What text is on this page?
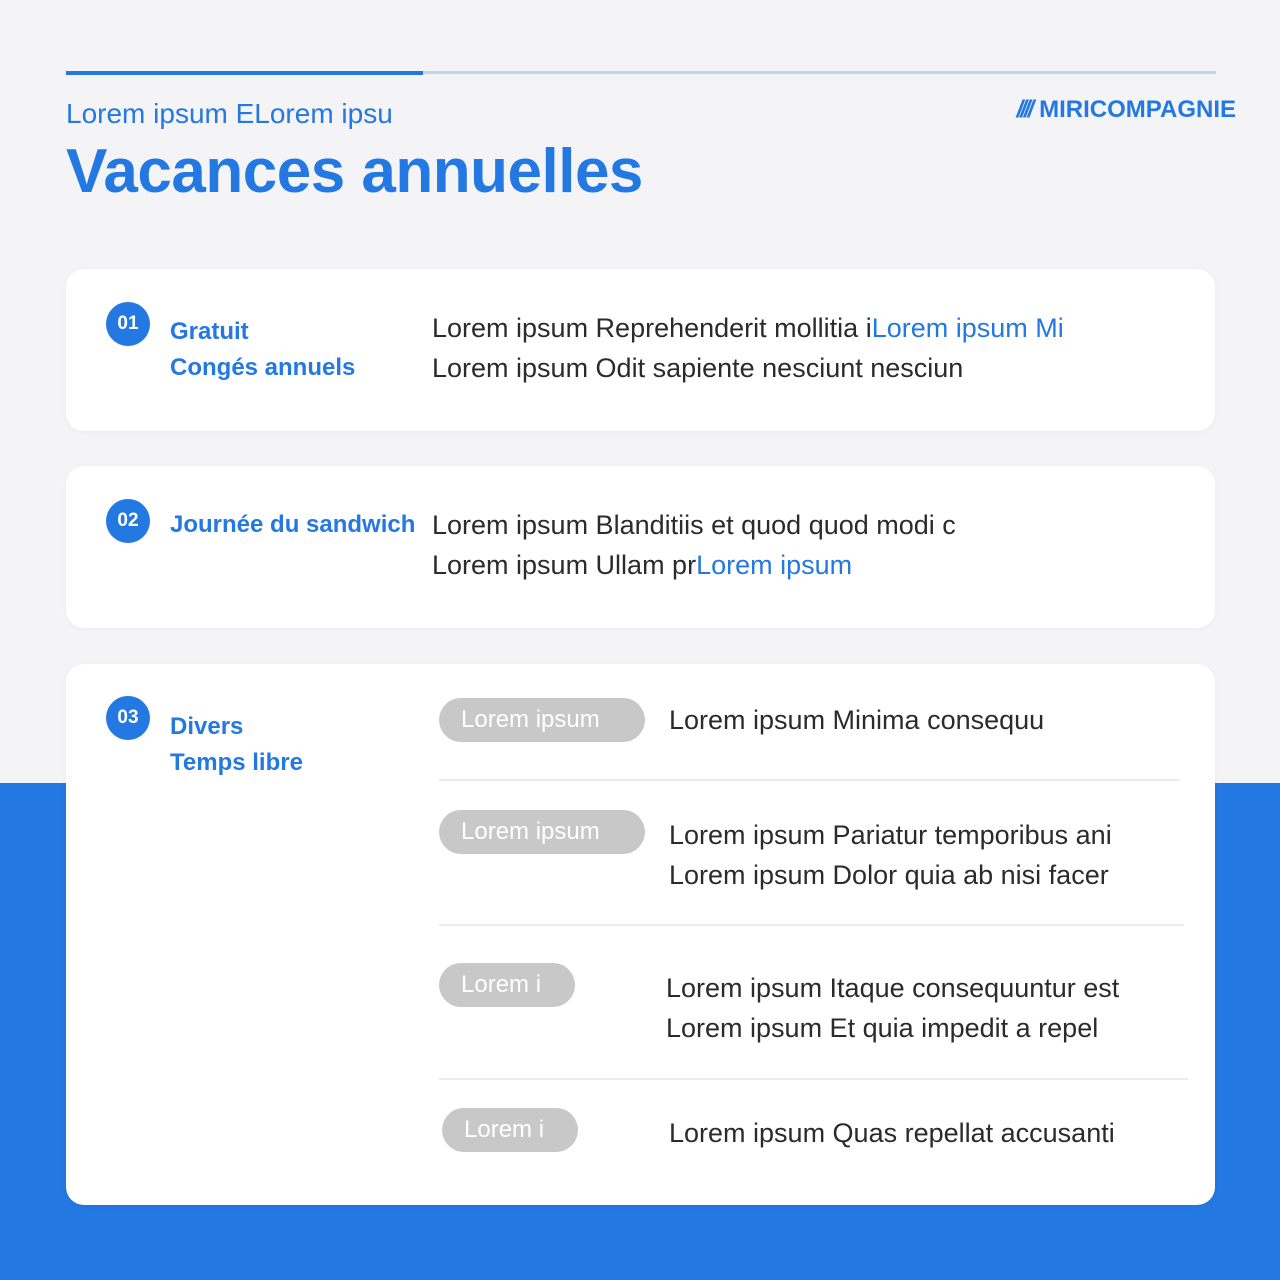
Lorem ipsum ELorem ipsu
Vacances annuelles
//// MIRICOMPAGNIE
01	Gratuit
Congés annuels
Lorem ipsum Reprehenderit mollitia iLorem ipsum Mi
Lorem ipsum Odit sapiente nesciunt nesciun
02	Journée du sandwich Lorem ipsum Blanditiis et quod quod modi c
Lorem ipsum Ullam prLorem ipsum
03	Divers
Temps libre
Lorem ipsum	Lorem ipsum Minima consequu
Lorem ipsum	Lorem ipsum Pariatur temporibus ani
Lorem ipsum Dolor quia ab nisi facer
Lorem i	Lorem ipsum Itaque consequuntur est
Lorem ipsum Et quia impedit a repel
Lorem i	Lorem ipsum Quas repellat accusanti
